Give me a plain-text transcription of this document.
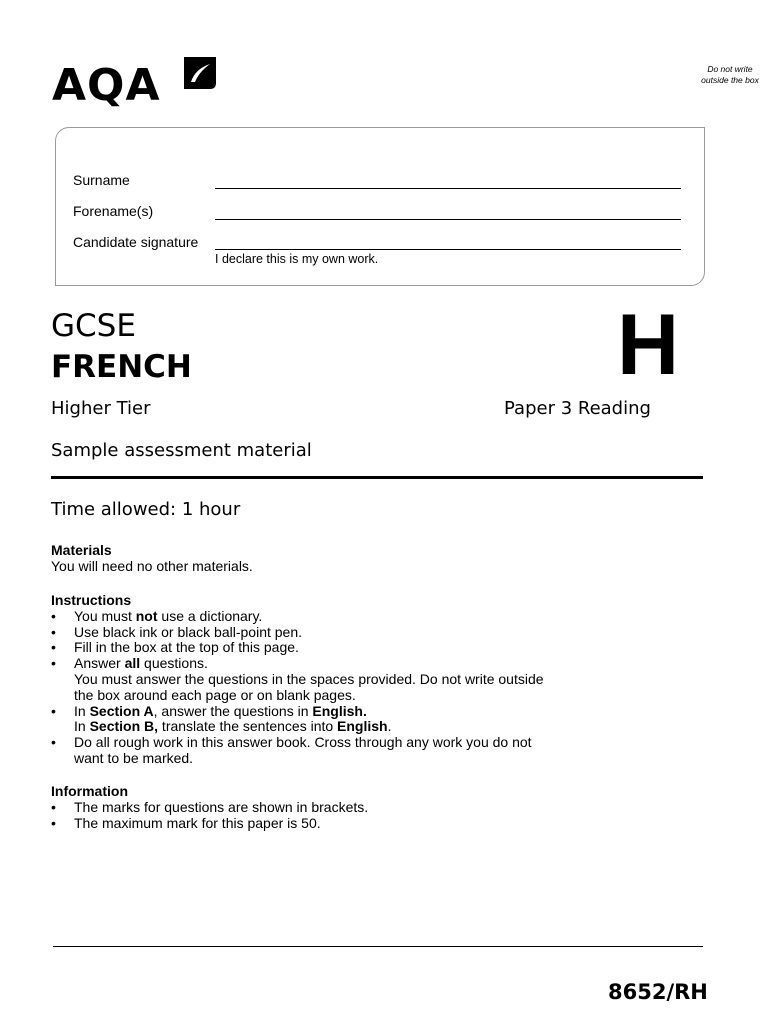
AQA	Do not write outside the box
Surname
Forename(s)
Candidate signature
I declare this is my own work.
GCSE
FRENCH	H
Higher Tier	Paper 3 Reading
Sample assessment material
Time allowed: 1 hour
Materials
You will need no other materials.
Instructions
• You must not use a dictionary.
• Use black ink or black ball-point pen.
• Fill in the box at the top of this page.
• Answer all questions.
You must answer the questions in the spaces provided. Do not write outside
the box around each page or on blank pages.
• In Section A, answer the questions in English.
In Section B, translate the sentences into English.
• Do all rough work in this answer book. Cross through any work you do not
want to be marked.
Information
• The marks for questions are shown in brackets.
• The maximum mark for this paper is 50.
8652/RH
